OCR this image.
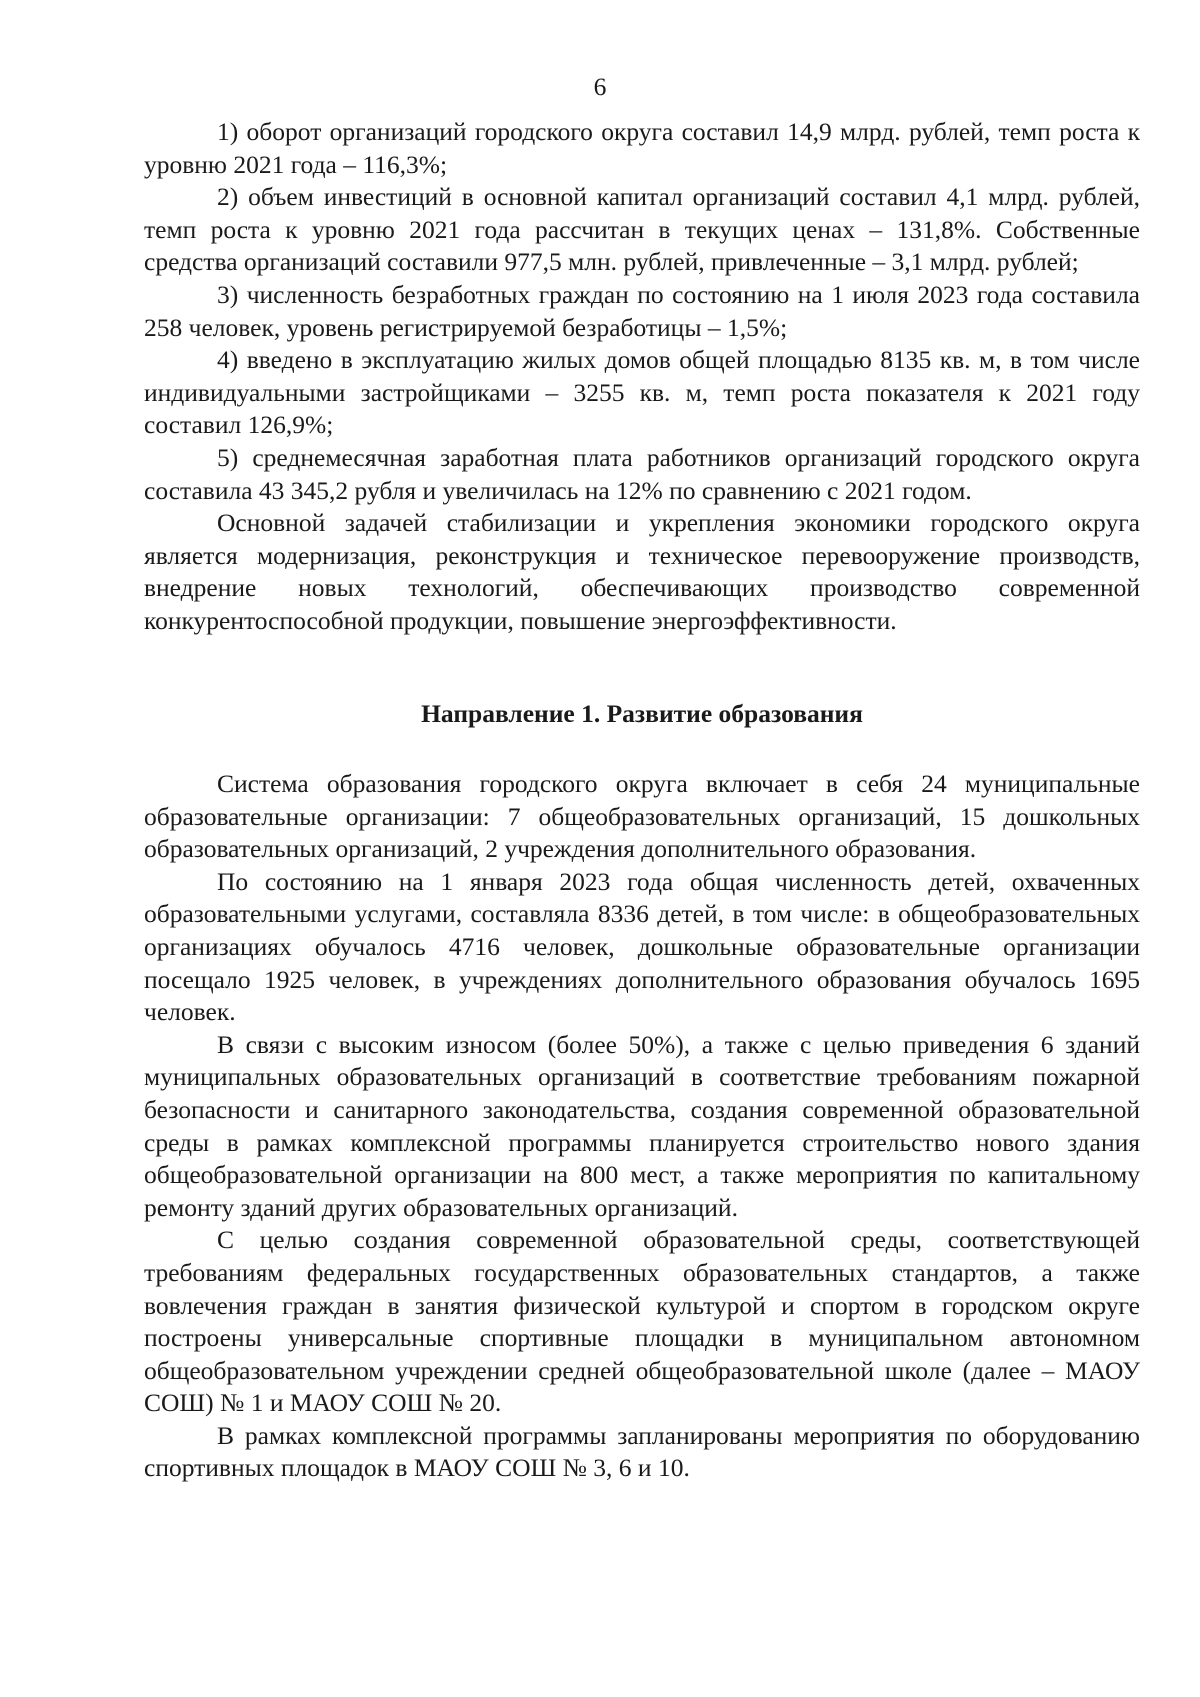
6

1) оборот организаций городского округа составил 14,9 млрд. рублей, темп роста к уровню 2021 года – 116,3%;

2) объем инвестиций в основной капитал организаций составил 4,1 млрд. рублей, темп роста к уровню 2021 года рассчитан в текущих ценах – 131,8%. Собственные средства организаций составили 977,5 млн. рублей, привлеченные – 3,1 млрд. рублей;

3) численность безработных граждан по состоянию на 1 июля 2023 года составила 258 человек, уровень регистрируемой безработицы – 1,5%;

4) введено в эксплуатацию жилых домов общей площадью 8135 кв. м, в том числе индивидуальными застройщиками – 3255 кв. м, темп роста показателя к 2021 году составил 126,9%;

5) среднемесячная заработная плата работников организаций городского округа составила 43 345,2 рубля и увеличилась на 12% по сравнению с 2021 годом.

Основной задачей стабилизации и укрепления экономики городского округа является модернизация, реконструкция и техническое перевооружение производств, внедрение новых технологий, обеспечивающих производство современной конкурентоспособной продукции, повышение энергоэффективности.

Направление 1. Развитие образования

Система образования городского округа включает в себя 24 муниципальные образовательные организации: 7 общеобразовательных организаций, 15 дошкольных образовательных организаций, 2 учреждения дополнительного образования.

По состоянию на 1 января 2023 года общая численность детей, охваченных образовательными услугами, составляла 8336 детей, в том числе: в общеобразовательных организациях обучалось 4716 человек, дошкольные образовательные организации посещало 1925 человек, в учреждениях дополнительного образования обучалось 1695 человек.

В связи с высоким износом (более 50%), а также с целью приведения 6 зданий муниципальных образовательных организаций в соответствие требованиям пожарной безопасности и санитарного законодательства, создания современной образовательной среды в рамках комплексной программы планируется строительство нового здания общеобразовательной организации на 800 мест, а также мероприятия по капитальному ремонту зданий других образовательных организаций.

С целью создания современной образовательной среды, соответствующей требованиям федеральных государственных образовательных стандартов, а также вовлечения граждан в занятия физической культурой и спортом в городском округе построены универсальные спортивные площадки в муниципальном автономном общеобразовательном учреждении средней общеобразовательной школе (далее – МАОУ СОШ) № 1 и МАОУ СОШ № 20.

В рамках комплексной программы запланированы мероприятия по оборудованию спортивных площадок в МАОУ СОШ № 3, 6 и 10.
